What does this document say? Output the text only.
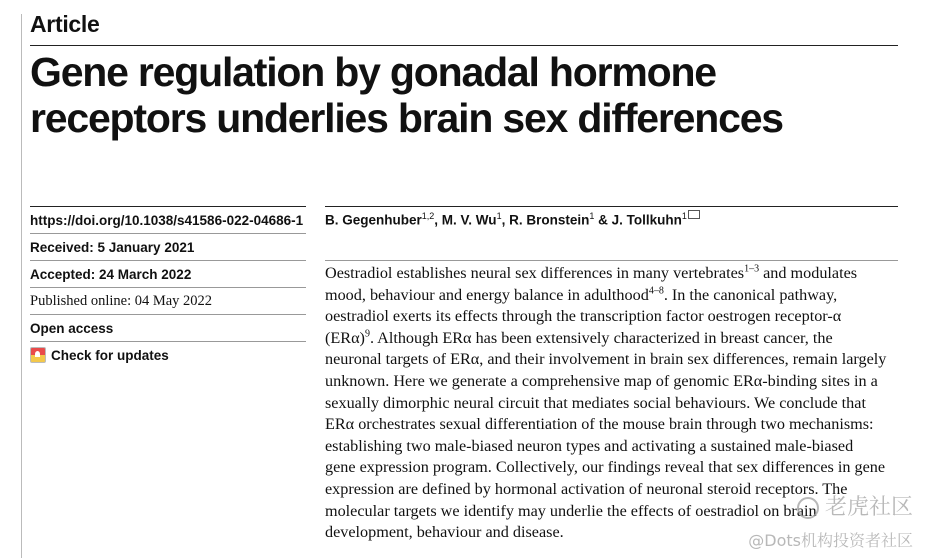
Article
Gene regulation by gonadal hormone
receptors underlies brain sex differences
https://doi.org/10.1038/s41586-022-04686-1
Received: 5 January 2021
Accepted: 24 March 2022
Published online: 04 May 2022
Open access
Check for updates
B. Gegenhuber$^{1,2}$, M. V. Wu$^1$, R. Bronstein$^1$ & J. Tollkuhn$^1$

Oestradiol establishes neural sex differences in many vertebrates$^{1-3}$ and modulates
mood, behaviour and energy balance in adulthood$^{4-8}$. In the canonical pathway,
oestradiol exerts its effects through the transcription factor oestrogen receptor-α
$(ER\alpha)^9$. Although ERα has been extensively characterized in breast cancer, the
neuronal targets of ERα, and their involvement in brain sex differences, remain largely
unknown. Here we generate a comprehensive map of genomic ERα-binding sites in a
sexually dimorphic neural circuit that mediates social behaviours. We conclude that
ERα orchestrates sexual differentiation of the mouse brain through two mechanisms:
establishing two male-biased neuron types and activating a sustained male-biased
gene expression program. Collectively, our findings reveal that sex differences in gene
expression are defined by hormonal activation of neuronal steroid receptors. The
molecular targets we identify may underlie the effects of oestradiol on brain
development, behaviour and disease.

老虎社区
@Dots机构投资者社区
